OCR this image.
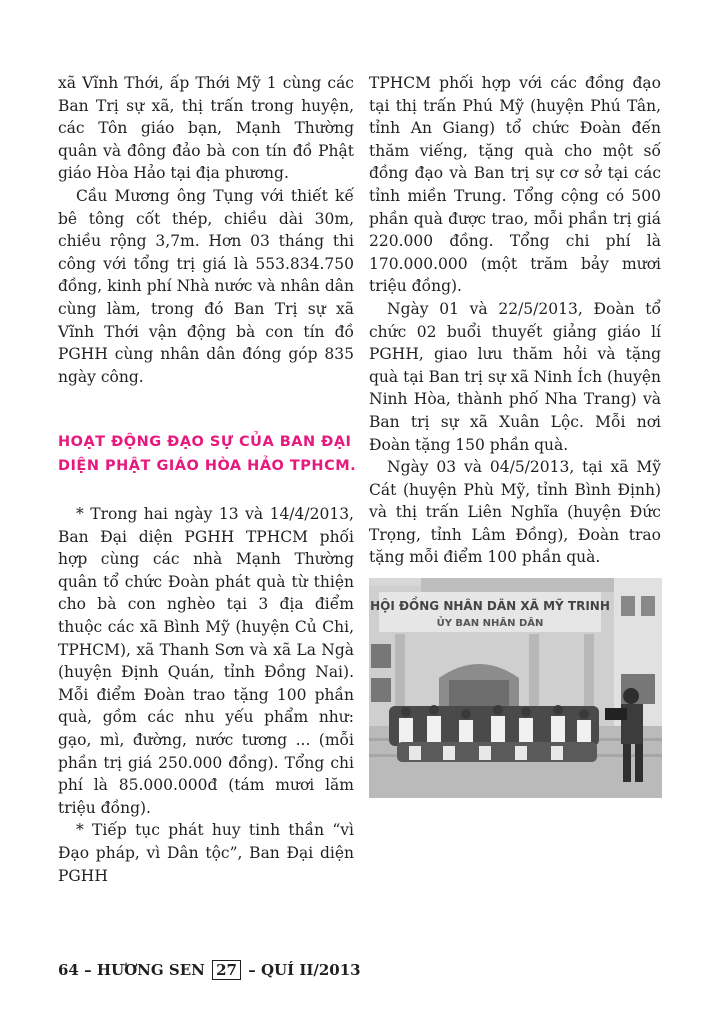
xã Vĩnh Thới, ấp Thới Mỹ 1 cùng các Ban Trị sự xã, thị trấn trong huyện, các Tôn giáo bạn, Mạnh Thường quân và đông đảo bà con tín đồ Phật giáo Hòa Hảo tại địa phương.

Cầu Mương ông Tụng với thiết kế bê tông cốt thép, chiều dài 30m, chiều rộng 3,7m. Hơn 03 tháng thi công với tổng trị giá là 553.834.750 đồng, kinh phí Nhà nước và nhân dân cùng làm, trong đó Ban Trị sự xã Vĩnh Thới vận động bà con tín đồ PGHH cùng nhân dân đóng góp 835 ngày công.

HOẠT ĐỘNG ĐẠO SỰ CỦA BAN ĐẠI DIỆN PHẬT GIÁO HÒA HẢO TPHCM.

* Trong hai ngày 13 và 14/4/2013, Ban Đại diện PGHH TPHCM phối hợp cùng các nhà Mạnh Thường quân tổ chức Đoàn phát quà từ thiện cho bà con nghèo tại 3 địa điểm thuộc các xã Bình Mỹ (huyện Củ Chi, TPHCM), xã Thanh Sơn và xã La Ngà (huyện Định Quán, tỉnh Đồng Nai). Mỗi điểm Đoàn trao tặng 100 phần quà, gồm các nhu yếu phẩm như: gạo, mì, đường, nước tương ... (mỗi phần trị giá 250.000 đồng). Tổng chi phí là 85.000.000đ (tám mươi lăm triệu đồng).

* Tiếp tục phát huy tinh thần “vì Đạo pháp, vì Dân tộc”, Ban Đại diện PGHH

TPHCM phối hợp với các đồng đạo tại thị trấn Phú Mỹ (huyện Phú Tân, tỉnh An Giang) tổ chức Đoàn đến thăm viếng, tặng quà cho một số đồng đạo và Ban trị sự cơ sở tại các tỉnh miền Trung. Tổng cộng có 500 phần quà được trao, mỗi phần trị giá 220.000 đồng. Tổng chi phí là 170.000.000 (một trăm bảy mươi triệu đồng).

Ngày 01 và 22/5/2013, Đoàn tổ chức 02 buổi thuyết giảng giáo lí PGHH, giao lưu thăm hỏi và tặng quà tại Ban trị sự xã Ninh Ích (huyện Ninh Hòa, thành phố Nha Trang) và Ban trị sự xã Xuân Lộc. Mỗi nơi Đoàn tặng 150 phần quà.

Ngày 03 và 04/5/2013, tại xã Mỹ Cát (huyện Phù Mỹ, tỉnh Bình Định) và thị trấn Liên Nghĩa (huyện Đức Trọng, tỉnh Lâm Đồng), Đoàn trao tặng mỗi điểm 100 phần quà.

HỘI ĐỒNG NHÂN DÂN XÃ MỸ TRINH
ỦY BAN NHÂN DÂN
64 – HƯƠNG SEN 27 – QUÍ II/2013
